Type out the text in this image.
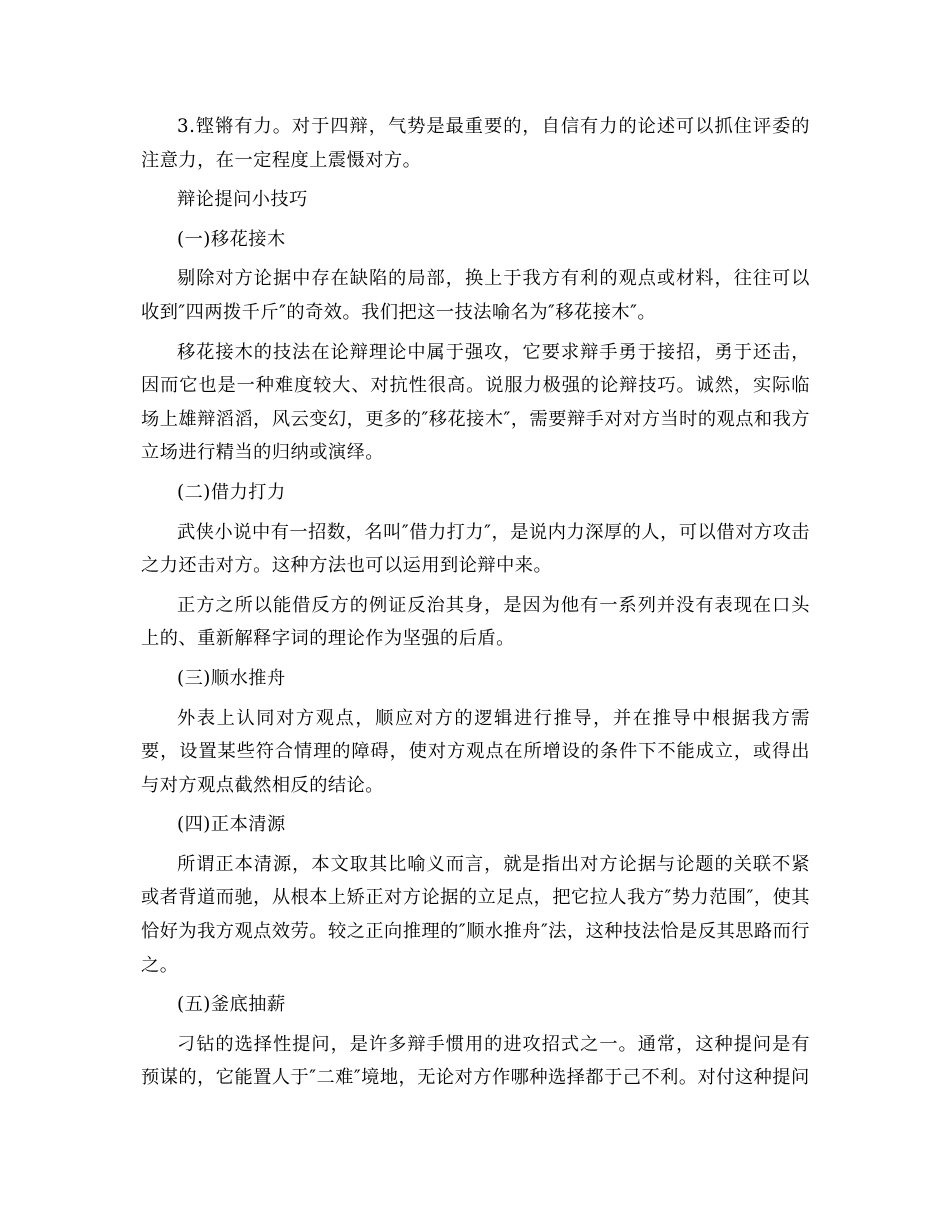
3.铿锵有力。对于四辩，气势是最重要的，自信有力的论述可以抓住评委的注意力，在一定程度上震慑对方。

辩论提问小技巧

(一)移花接木

剔除对方论据中存在缺陷的局部，换上于我方有利的观点或材料，往往可以收到″四两拨千斤″的奇效。我们把这一技法喻名为″移花接木″。

移花接木的技法在论辩理论中属于强攻，它要求辩手勇于接招，勇于还击，因而它也是一种难度较大、对抗性很高。说服力极强的论辩技巧。诚然，实际临场上雄辩滔滔，风云变幻，更多的″移花接木″，需要辩手对对方当时的观点和我方立场进行精当的归纳或演绎。

(二)借力打力

武侠小说中有一招数，名叫″借力打力″，是说内力深厚的人，可以借对方攻击之力还击对方。这种方法也可以运用到论辩中来。

正方之所以能借反方的例证反治其身，是因为他有一系列并没有表现在口头上的、重新解释字词的理论作为坚强的后盾。

(三)顺水推舟

外表上认同对方观点，顺应对方的逻辑进行推导，并在推导中根据我方需要，设置某些符合情理的障碍，使对方观点在所增设的条件下不能成立，或得出与对方观点截然相反的结论。

(四)正本清源

所谓正本清源，本文取其比喻义而言，就是指出对方论据与论题的关联不紧或者背道而驰，从根本上矫正对方论据的立足点，把它拉人我方″势力范围″，使其恰好为我方观点效劳。较之正向推理的″顺水推舟″法，这种技法恰是反其思路而行之。

(五)釜底抽薪

刁钻的选择性提问，是许多辩手惯用的进攻招式之一。通常，这种提问是有预谋的，它能置人于″二难″境地，无论对方作哪种选择都于己不利。对付这种提问
